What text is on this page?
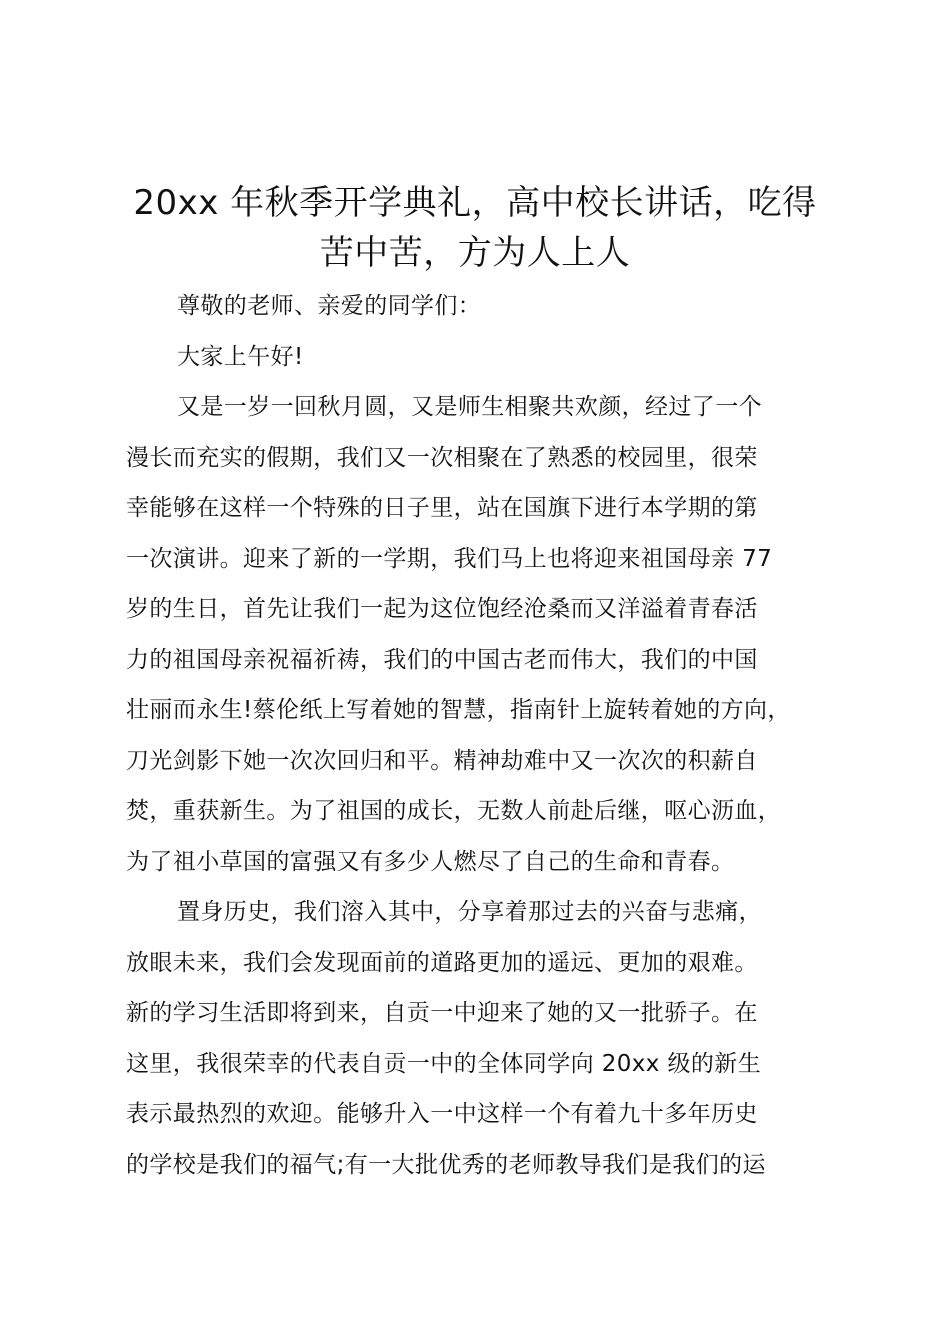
20xx 年秋季开学典礼，高中校长讲话，吃得
苦中苦，方为人上人
尊敬的老师、亲爱的同学们：
大家上午好!
又是一岁一回秋月圆，又是师生相聚共欢颜，经过了一个
漫长而充实的假期，我们又一次相聚在了熟悉的校园里，很荣
幸能够在这样一个特殊的日子里，站在国旗下进行本学期的第
一次演讲。迎来了新的一学期，我们马上也将迎来祖国母亲 77
岁的生日，首先让我们一起为这位饱经沧桑而又洋溢着青春活
力的祖国母亲祝福祈祷，我们的中国古老而伟大，我们的中国
壮丽而永生!蔡伦纸上写着她的智慧，指南针上旋转着她的方向，
刀光剑影下她一次次回归和平。精神劫难中又一次次的积薪自
焚，重获新生。为了祖国的成长，无数人前赴后继，呕心沥血，
为了祖小草国的富强又有多少人燃尽了自己的生命和青春。
置身历史，我们溶入其中，分享着那过去的兴奋与悲痛，
放眼未来，我们会发现面前的道路更加的遥远、更加的艰难。
新的学习生活即将到来，自贡一中迎来了她的又一批骄子。在
这里，我很荣幸的代表自贡一中的全体同学向 20xx 级的新生
表示最热烈的欢迎。能够升入一中这样一个有着九十多年历史
的学校是我们的福气;有一大批优秀的老师教导我们是我们的运
